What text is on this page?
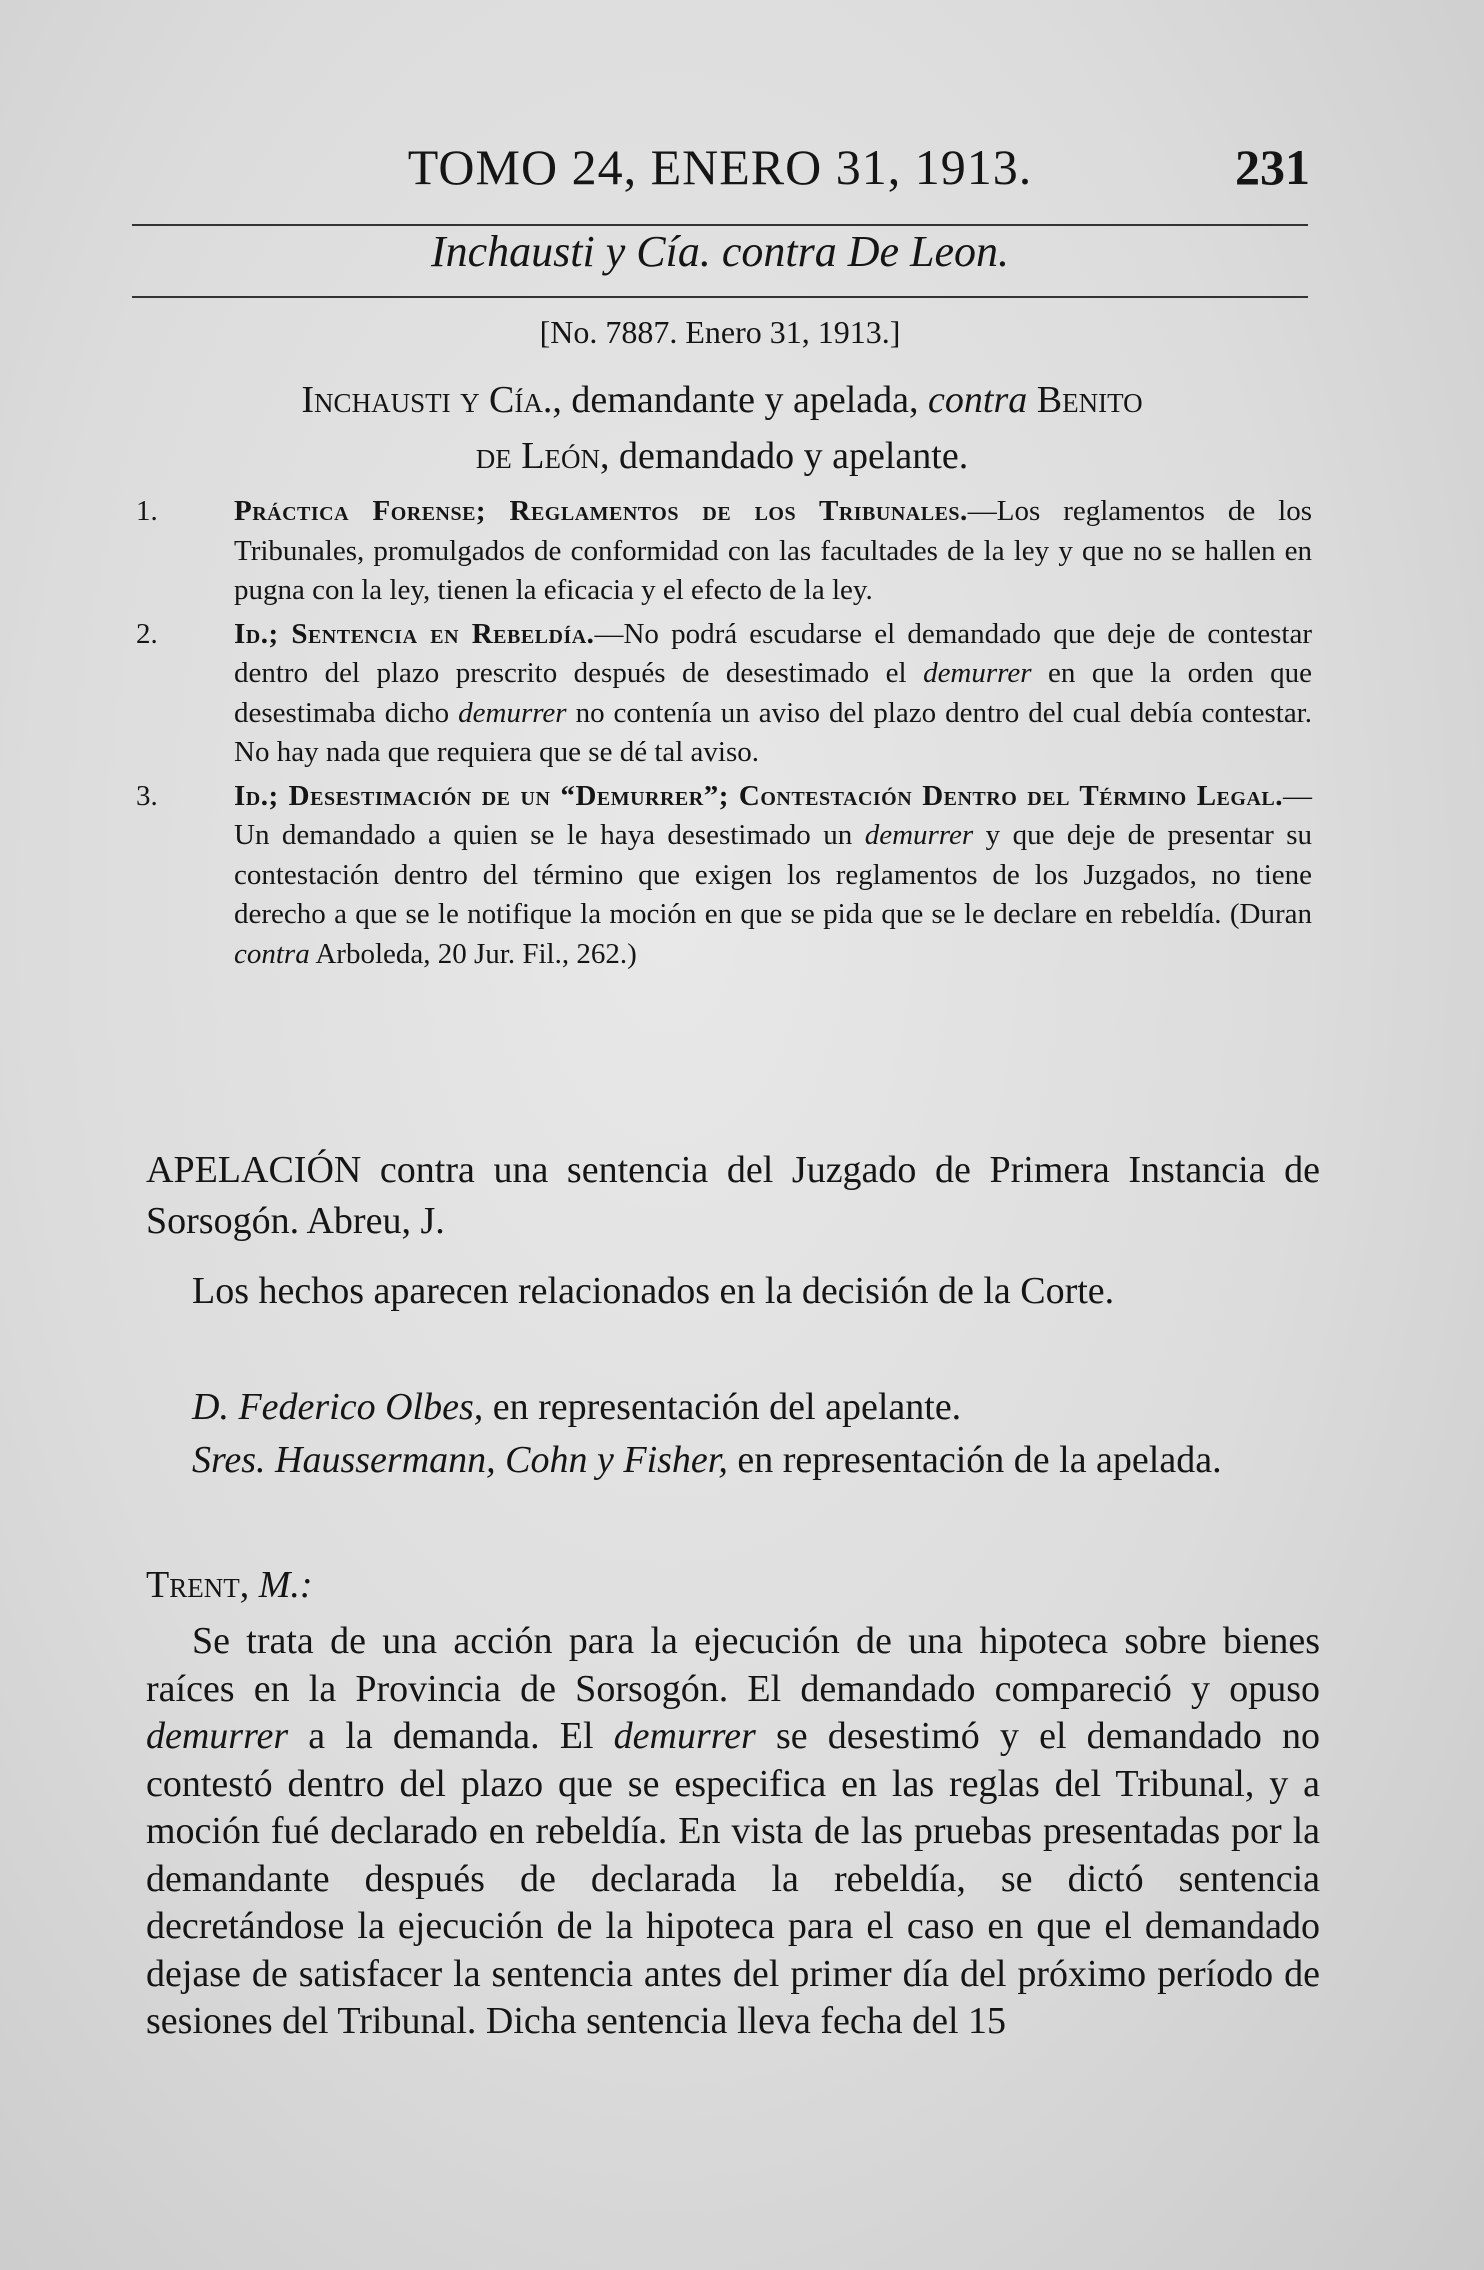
TOMO 24, ENERO 31, 1913.	231
Inchausti y Cía. contra De Leon.
[No. 7887. Enero 31, 1913.]
Inchausti y Cía., demandante y apelada, contra Benito
de León, demandado y apelante.
1.	Práctica Forense; Reglamentos de los Tribunales.—Los reglamentos de los Tribunales, promulgados de conformidad con las facultades de la ley y que no se hallen en pugna con la ley, tienen la eficacia y el efecto de la ley.
2.	Id.; Sentencia en Rebeldía.—No podrá escudarse el demandado que deje de contestar dentro del plazo prescrito después de desestimado el demurrer en que la orden que desestimaba dicho demurrer no contenía un aviso del plazo dentro del cual debía contestar. No hay nada que requiera que se dé tal aviso.
3.	Id.; Desestimación de un “Demurrer”; Contestación Dentro del Término Legal.—Un demandado a quien se le haya desestimado un demurrer y que deje de presentar su contestación dentro del término que exigen los reglamentos de los Juzgados, no tiene derecho a que se le notifique la moción en que se pida que se le declare en rebeldía. (Duran contra Arboleda, 20 Jur. Fil., 262.)
APELACIÓN contra una sentencia del Juzgado de Primera Instancia de Sorsogón. Abreu, J.
Los hechos aparecen relacionados en la decisión de la Corte.
D. Federico Olbes, en representación del apelante.
Sres. Haussermann, Cohn y Fisher, en representación de la apelada.
Trent, M.:
Se trata de una acción para la ejecución de una hipoteca sobre bienes raíces en la Provincia de Sorsogón. El demandado compareció y opuso demurrer a la demanda. El demurrer se desestimó y el demandado no contestó dentro del plazo que se especifica en las reglas del Tribunal, y a moción fué declarado en rebeldía. En vista de las pruebas presentadas por la demandante después de declarada la rebeldía, se dictó sentencia decretándose la ejecución de la hipoteca para el caso en que el demandado dejase de satisfacer la sentencia antes del primer día del próximo período de sesiones del Tribunal. Dicha sentencia lleva fecha del 15
